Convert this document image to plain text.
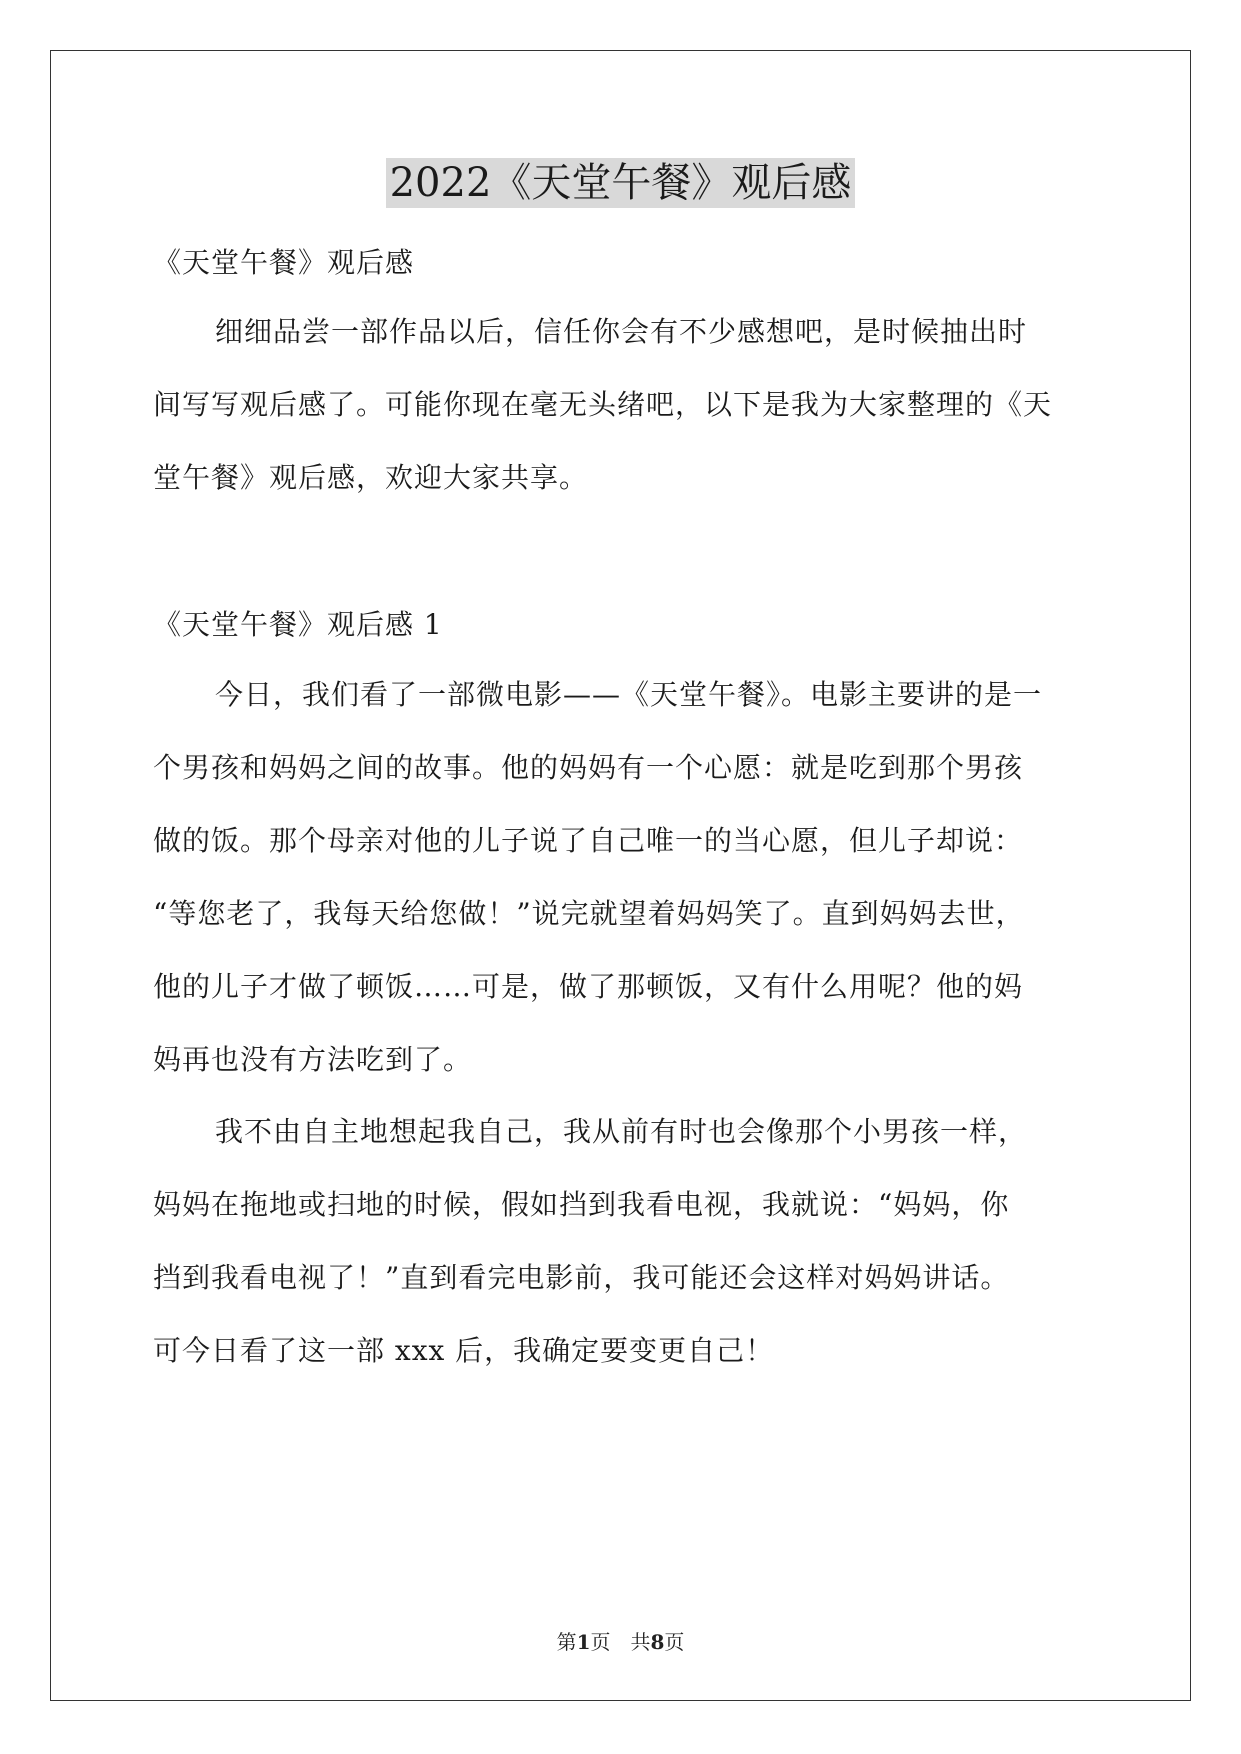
2022《天堂午餐》观后感
《天堂午餐》观后感
细细品尝一部作品以后，信任你会有不少感想吧，是时候抽出时
间写写观后感了。可能你现在毫无头绪吧，以下是我为大家整理的《天
堂午餐》观后感，欢迎大家共享。
《天堂午餐》观后感 1
今日，我们看了一部微电影——《天堂午餐》。电影主要讲的是一
个男孩和妈妈之间的故事。他的妈妈有一个心愿：就是吃到那个男孩
做的饭。那个母亲对他的儿子说了自己唯一的当心愿，但儿子却说：
“等您老了，我每天给您做！”说完就望着妈妈笑了。直到妈妈去世，
他的儿子才做了顿饭……可是，做了那顿饭，又有什么用呢？他的妈
妈再也没有方法吃到了。
我不由自主地想起我自己，我从前有时也会像那个小男孩一样，
妈妈在拖地或扫地的时候，假如挡到我看电视，我就说：“妈妈，你
挡到我看电视了！”直到看完电影前，我可能还会这样对妈妈讲话。
可今日看了这一部 xxx 后，我确定要变更自己！
第1页　共8页
